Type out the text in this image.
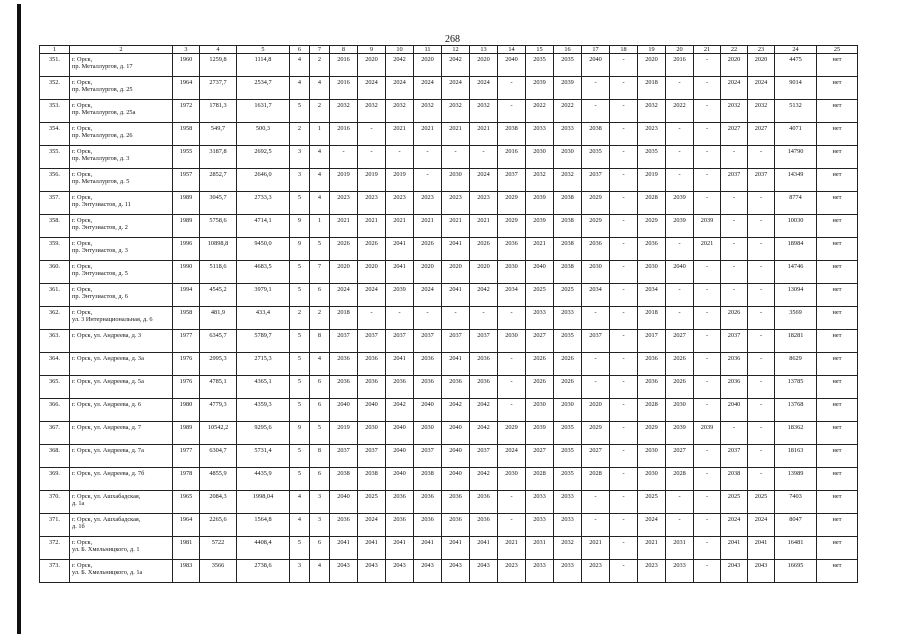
268
1	2	3	4	5	6	7	8	9	10	11	12	13	14	15	16	17	18	19	20	21	22	23	24	25
351.	г. Орск,
пр. Металлургов, д. 17	1960	1259,8	1114,8	4	2	2016	2020	2042	2020	2042	2020	2040	2035	2035	2040	-	2020	2016	-	2020	2020	4475	нет
352.	г. Орск,
пр. Металлургов, д. 25	1964	2737,7	2534,7	4	4	2016	2024	2024	2024	2024	2024	-	2039	2039	-	-	2018	-	-	2024	2024	9014	нет
353.	г. Орск,
пр. Металлургов, д. 25а	1972	1781,3	1631,7	5	2	2032	2032	2032	2032	2032	2032	-	2022	2022	-	-	2032	2022	-	2032	2032	5132	нет
354.	г. Орск,
пр. Металлургов, д. 26	1958	549,7	500,3	2	1	2016	-	2021	2021	2021	2021	2038	2033	2033	2038	-	2023	-	-	2027	2027	4071	нет
355.	г. Орск,
пр. Металлургов, д. 3	1955	3187,8	2692,5	3	4	-	-	-	-	-	-	2016	2030	2030	2035	-	2035	-	-	-	-	14790	нет
356.	г. Орск,
пр. Металлургов, д. 5	1957	2852,7	2646,0	3	4	2019	2019	2019	-	2030	2024	2037	2032	2032	2037	-	2019	-	-	2037	2037	14349	нет
357.	г. Орск,
пр. Энтузиастов, д. 11	1989	3045,7	2733,3	5	4	2023	2023	2023	2023	2023	2023	2029	2039	2038	2029	-	2028	2039	-	-	-	8774	нет
358.	г. Орск,
пр. Энтузиастов, д. 2	1989	5758,6	4714,1	9	1	2021	2021	2021	2021	2021	2021	2029	2039	2038	2029	-	2029	2039	2039	-	-	10030	нет
359.	г. Орск,
пр. Энтузиастов, д. 3	1996	10898,8	9450,0	9	5	2026	2026	2041	2026	2041	2026	2036	2021	2038	2036	-	2036	-	2021	-	-	18984	нет
360.	г. Орск,
пр. Энтузиастов, д. 5	1990	5118,6	4683,5	5	7	2020	2020	2041	2020	2020	2020	2030	2040	2038	2030	-	2030	2040	-	-	-	14746	нет
361.	г. Орск,
пр. Энтузиастов, д. 6	1994	4545,2	3979,1	5	6	2024	2024	2039	2024	2041	2042	2034	2025	2025	2034	-	2034	-	-	-	-	13094	нет
362.	г. Орск,
ул. 3 Интернациональная, д. 6	1958	481,9	433,4	2	2	2018	-	-	-	-	-	-	2033	2033	-	-	2018	-	-	2026	-	3569	нет
363.	г. Орск, ул. Андреева, д. 3	1977	6345,7	5789,7	5	8	2037	2037	2037	2037	2037	2037	2030	2027	2035	2037	-	2017	2027	-	2037	-	18281	нет
364.	г. Орск, ул. Андреева, д. 3а	1976	2995,3	2715,3	5	4	2036	2036	2041	2036	2041	2036	-	2026	2026	-	-	2036	2026	-	2036	-	8629	нет
365.	г. Орск, ул. Андреева, д. 5а	1976	4785,1	4365,1	5	6	2036	2036	2036	2036	2036	2036	-	2026	2026	-	-	2036	2026	-	2036	-	13785	нет
366.	г. Орск, ул. Андреева, д. 6	1980	4779,3	4359,3	5	6	2040	2040	2042	2040	2042	2042	-	2030	2030	2020	-	2028	2030	-	2040	-	13768	нет
367.	г. Орск, ул. Андреева, д. 7	1989	10542,2	9295,6	9	5	2019	2030	2040	2030	2040	2042	2029	2039	2035	2029	-	2029	2039	2039	-	-	18362	нет
368.	г. Орск, ул. Андреева, д. 7а	1977	6304,7	5731,4	5	8	2037	2037	2040	2037	2040	2037	2024	2027	2035	2027	-	2030	2027	-	2037	-	18163	нет
369.	г. Орск, ул. Андреева, д. 7б	1978	4855,9	4435,9	5	6	2038	2038	2040	2038	2040	2042	2030	2028	2035	2028	-	2030	2028	-	2038	-	13989	нет
370.	г. Орск, ул. Ашхабадская,
д. 1а	1965	2084,3	1998,04	4	3	2040	2025	2036	2036	2036	2036	-	2033	2033	-	-	2025	-	-	2025	2025	7403	нет
371.	г. Орск, ул. Ашхабадская,
д. 1б	1964	2265,6	1564,8	4	3	2036	2024	2036	2036	2036	2036	-	2033	2033	-	-	2024	-	-	2024	2024	8047	нет
372.	г. Орск,
ул. Б. Хмельницкого, д. 1	1981	5722	4408,4	5	6	2041	2041	2041	2041	2041	2041	2021	2031	2032	2021	-	2021	2031	-	2041	2041	16481	нет
373.	г. Орск,
ул. Б. Хмельницкого, д. 1а	1983	3566	2738,6	3	4	2043	2043	2043	2043	2043	2043	2023	2033	2033	2023	-	2023	2033	-	2043	2043	16695	нет
